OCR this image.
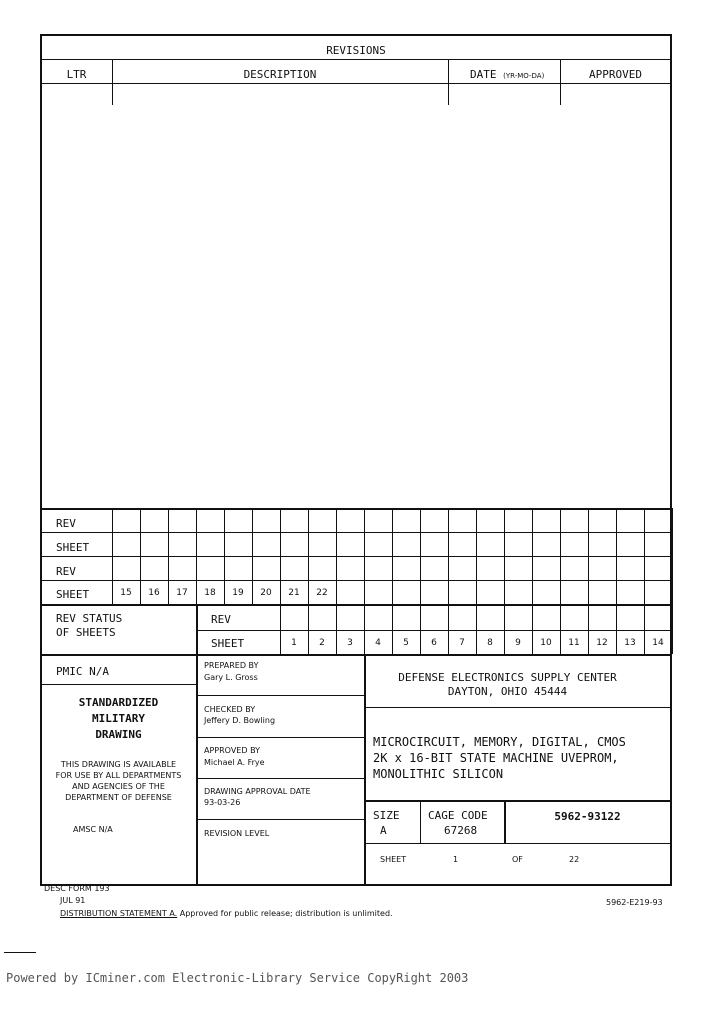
REVISIONS
LTR	DESCRIPTION	DATE (YR-MO-DA)	APPROVED
REV
SHEET
REV
SHEET	15	16	17	18	19	20	21	22
REV STATUS
OF SHEETS
REV
SHEET	1	2	3	4	5	6	7	8	9	10	11	12	13	14
PMIC N/A
STANDARDIZED
MILITARY
DRAWING
THIS DRAWING IS AVAILABLE
FOR USE BY ALL DEPARTMENTS
AND AGENCIES OF THE
DEPARTMENT OF DEFENSE
AMSC N/A
PREPARED BY
Gary L. Gross
CHECKED BY
Jeffery D. Bowling
APPROVED BY
Michael A. Frye
DRAWING APPROVAL DATE
93-03-26
REVISION LEVEL
DEFENSE ELECTRONICS SUPPLY CENTER
DAYTON, OHIO 45444
MICROCIRCUIT, MEMORY, DIGITAL, CMOS
2K x 16-BIT STATE MACHINE UVEPROM,
MONOLITHIC SILICON
SIZE
A
CAGE CODE
67268
5962-93122
SHEET	1	OF	22
DESC FORM 193
JUL 91
DISTRIBUTION STATEMENT A. Approved for public release; distribution is unlimited.
5962-E219-93
Powered by ICminer.com Electronic-Library Service CopyRight 2003
